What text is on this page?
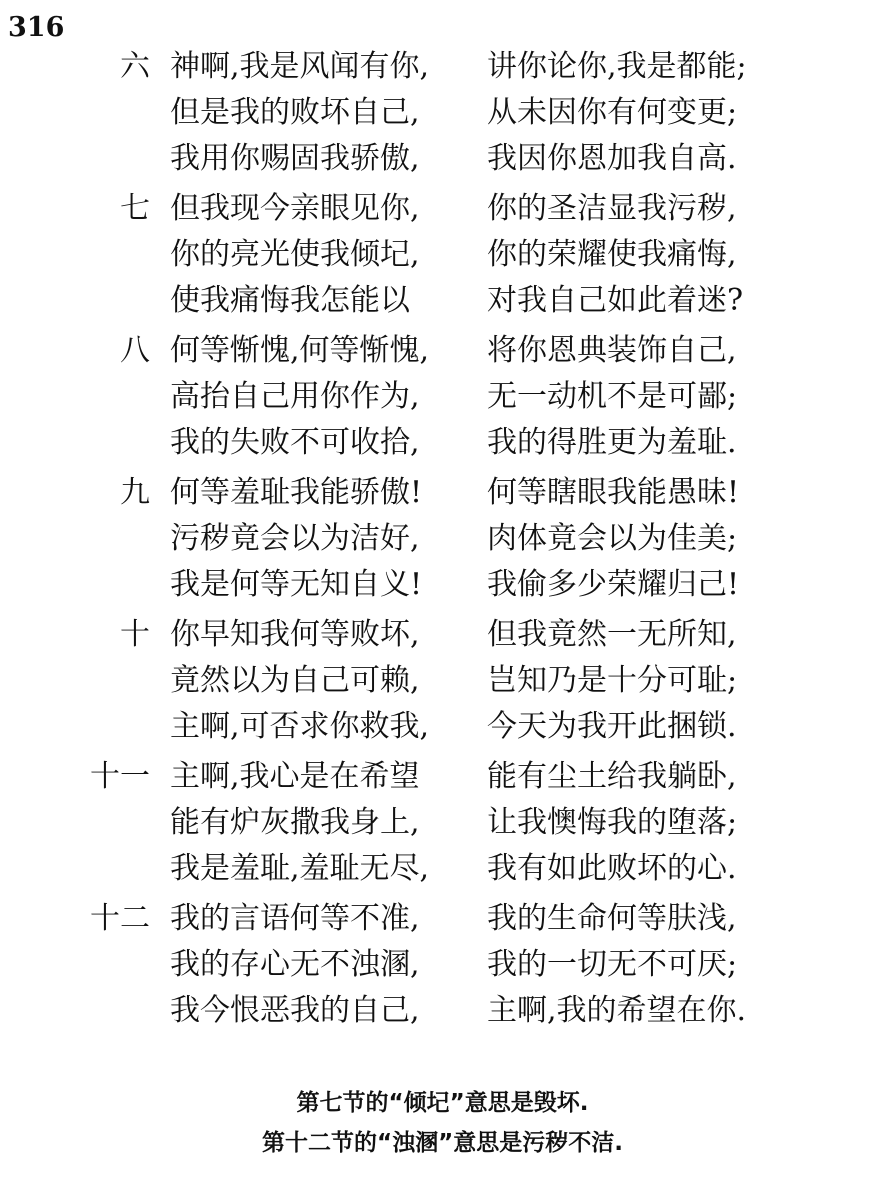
316
六 神啊,我是风闻有你, 讲你论你,我是都能;
但是我的败坏自己, 从未因你有何变更;
我用你赐固我骄傲, 我因你恩加我自高.
七 但我现今亲眼见你, 你的圣洁显我污秽,
你的亮光使我倾圮, 你的荣耀使我痛悔,
使我痛悔我怎能以	对我自己如此着迷?
八 何等惭愧,何等惭愧, 将你恩典装饰自己,
高抬自己用你作为, 无一动机不是可鄙;
我的失败不可收拾, 我的得胜更为羞耻.
九 何等羞耻我能骄傲! 何等瞎眼我能愚昧!
污秽竟会以为洁好, 肉体竟会以为佳美;
我是何等无知自义! 我偷多少荣耀归己!
十 你早知我何等败坏, 但我竟然一无所知,
竟然以为自己可赖, 岂知乃是十分可耻;
主啊,可否求你救我, 今天为我开此捆锁.
十一 主啊,我心是在希望 能有尘土给我躺卧,
能有炉灰撒我身上, 让我懊悔我的堕落;
我是羞耻,羞耻无尽, 我有如此败坏的心.
十二 我的言语何等不准, 我的生命何等肤浅,
我的存心无不浊溷, 我的一切无不可厌;
我今恨恶我的自己, 主啊,我的希望在你.
第七节的“倾圮”意思是毁坏.
第十二节的“浊溷”意思是污秽不洁.
